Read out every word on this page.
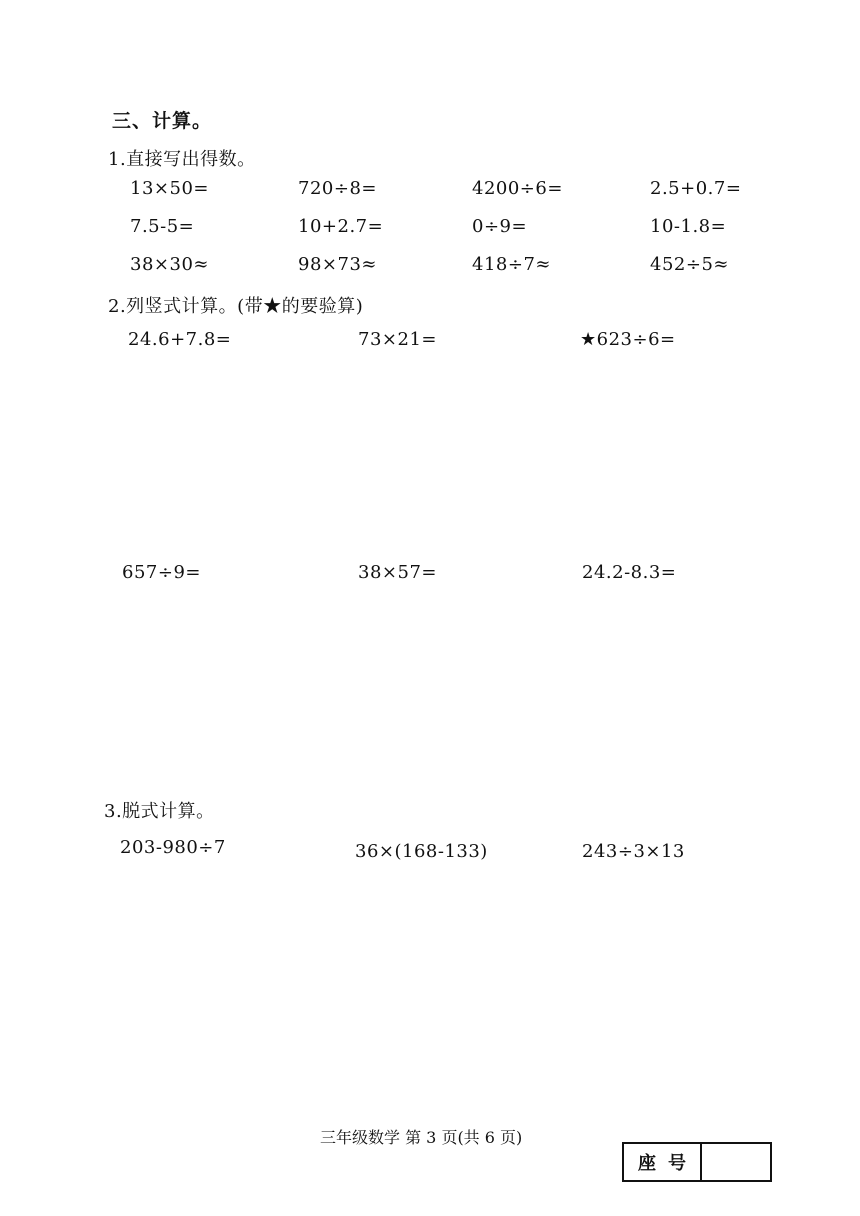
三、计算。
1.直接写出得数。
13×50=	720÷8=	4200÷6=	2.5+0.7=
7.5-5=	10+2.7=	0÷9=	10-1.8=
38×30≈	98×73≈	418÷7≈	452÷5≈
2.列竖式计算。(带★的要验算)
24.6+7.8=	73×21=	★623÷6=
657÷9=	38×57=	24.2-8.3=
3.脱式计算。
203-980÷7	36×(168-133)	243÷3×13
三年级数学 第 3 页(共 6 页)
座号
